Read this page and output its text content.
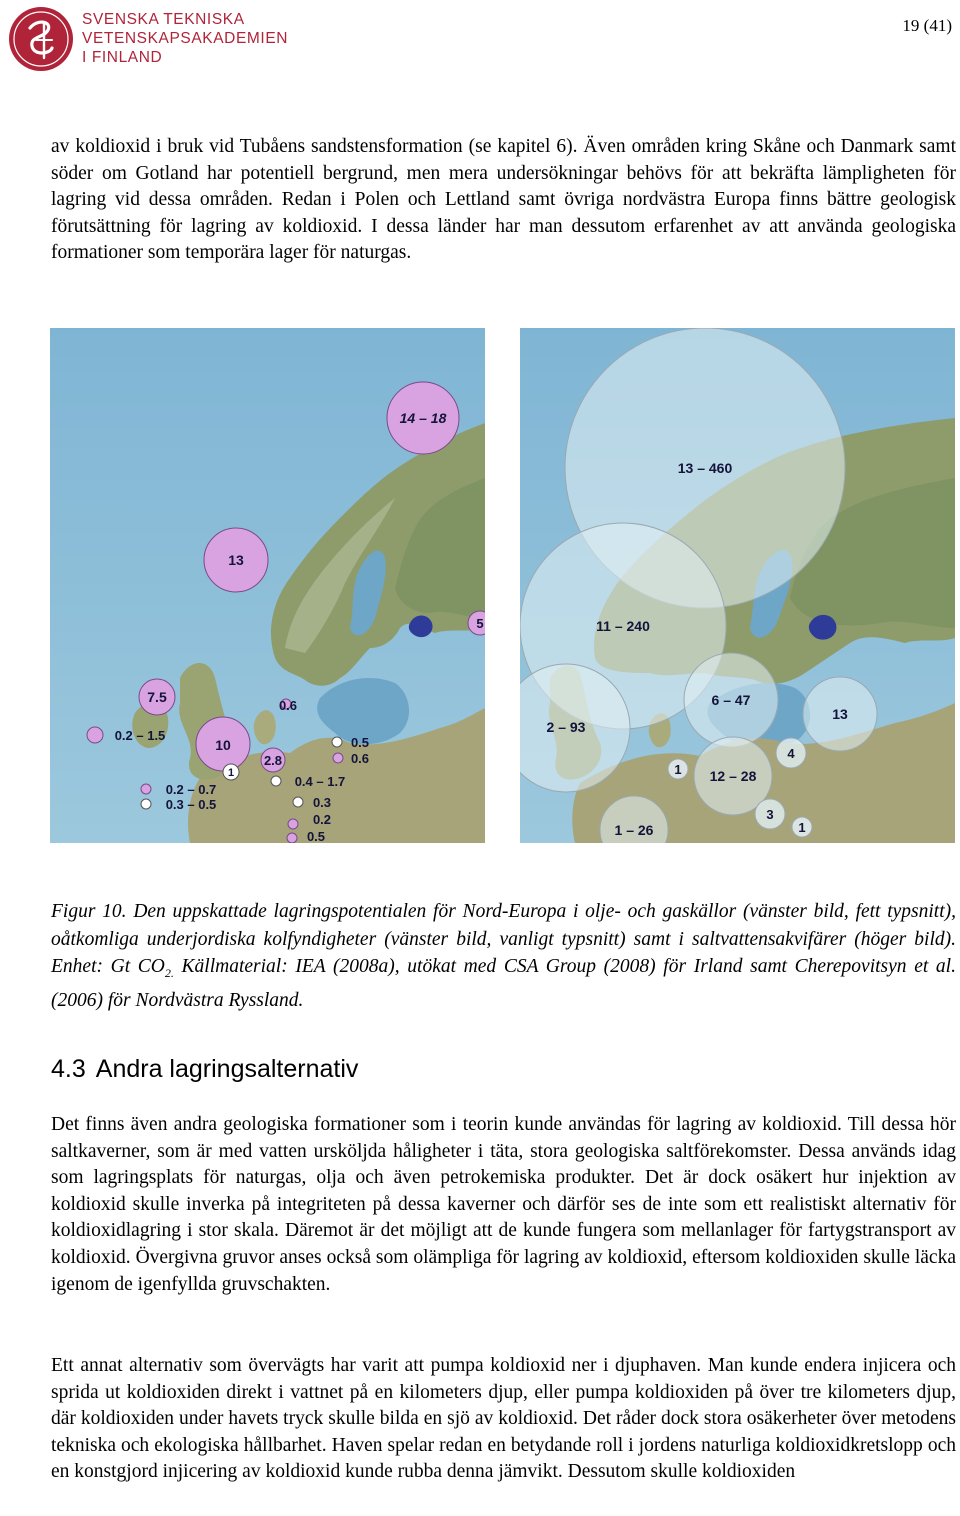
SVENSKA TEKNISKA
VETENSKAPSAKADEMIEN
I FINLAND
19 (41)

av koldioxid i bruk vid Tubåens sandstensformation (se kapitel 6). Även områden kring Skåne och Danmark samt söder om Gotland har potentiell bergrund, men mera undersökningar behövs för att bekräfta lämpligheten för lagring vid dessa områden. Redan i Polen och Lettland samt övriga nordvästra Europa finns bättre geologisk förutsättning för lagring av koldioxid. I dessa länder har man dessutom erfarenhet av att använda geologiska formationer som temporära lager för naturgas.

14 – 18
13
5
7.5
0.6
0.2 – 1.5
10
2.8
0.5
0.6
1
0.4 – 1.7
0.2 – 0.7
0.3 – 0.5	0.3
0.2
0.5
13 – 460
11 – 240
6 – 47
13
2 – 93
4
1 12 – 28
3
1
1 – 26

Figur 10. Den uppskattade lagringspotentialen för Nord-Europa i olje- och gaskällor (vänster bild, fett typsnitt), oåtkomliga underjordiska kolfyndigheter (vänster bild, vanligt typsnitt) samt i saltvattensakvifärer (höger bild). Enhet: Gt $CO_{2.}$ Källmaterial: IEA (2008a), utökat med CSA Group (2008) för Irland samt Cherepovitsyn et al. (2006) för Nordvästra Ryssland.

4.3 Andra lagringsalternativ

Det finns även andra geologiska formationer som i teorin kunde användas för lagring av koldioxid. Till dessa hör saltkaverner, som är med vatten ursköljda håligheter i täta, stora geologiska saltförekomster. Dessa används idag som lagringsplats för naturgas, olja och även petrokemiska produkter. Det är dock osäkert hur injektion av koldioxid skulle inverka på integriteten på dessa kaverner och därför ses de inte som ett realistiskt alternativ för koldioxidlagring i stor skala. Däremot är det möjligt att de kunde fungera som mellanlager för fartygstransport av koldioxid. Övergivna gruvor anses också som olämpliga för lagring av koldioxid, eftersom koldioxiden skulle läcka igenom de igenfyllda gruvschakten.

Ett annat alternativ som övervägts har varit att pumpa koldioxid ner i djuphaven. Man kunde endera injicera och sprida ut koldioxiden direkt i vattnet på en kilometers djup, eller pumpa koldioxiden på över tre kilometers djup, där koldioxiden under havets tryck skulle bilda en sjö av koldioxid. Det råder dock stora osäkerheter över metodens tekniska och ekologiska hållbarhet. Haven spelar redan en betydande roll i jordens naturliga koldioxidkretslopp och en konstgjord injicering av koldioxid kunde rubba denna jämvikt. Dessutom skulle koldioxiden
